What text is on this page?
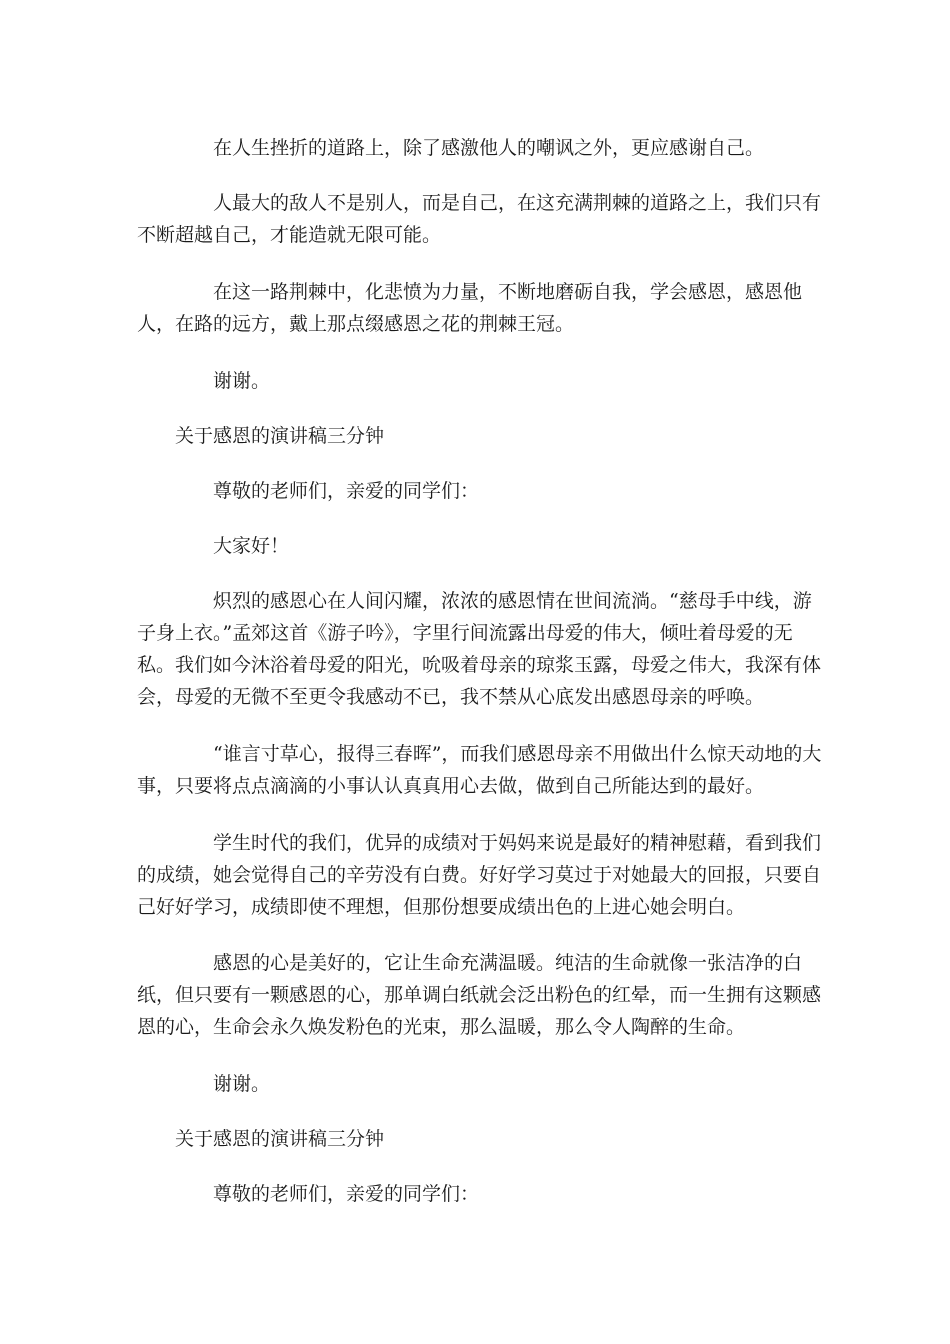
在人生挫折的道路上，除了感激他人的嘲讽之外，更应感谢自己。

人最大的敌人不是别人，而是自己，在这充满荆棘的道路之上，我们只有不断超越自己，才能造就无限可能。

在这一路荆棘中，化悲愤为力量，不断地磨砺自我，学会感恩，感恩他人，在路的远方，戴上那点缀感恩之花的荆棘王冠。

谢谢。

关于感恩的演讲稿三分钟

尊敬的老师们，亲爱的同学们：

大家好！

炽烈的感恩心在人间闪耀，浓浓的感恩情在世间流淌。“慈母手中线，游子身上衣。”孟郊这首《游子吟》，字里行间流露出母爱的伟大，倾吐着母爱的无私。我们如今沐浴着母爱的阳光，吮吸着母亲的琼浆玉露，母爱之伟大，我深有体会，母爱的无微不至更令我感动不已，我不禁从心底发出感恩母亲的呼唤。

“谁言寸草心，报得三春晖”，而我们感恩母亲不用做出什么惊天动地的大事，只要将点点滴滴的小事认认真真用心去做，做到自己所能达到的最好。

学生时代的我们，优异的成绩对于妈妈来说是最好的精神慰藉，看到我们的成绩，她会觉得自己的辛劳没有白费。好好学习莫过于对她最大的回报，只要自己好好学习，成绩即使不理想，但那份想要成绩出色的上进心她会明白。

感恩的心是美好的，它让生命充满温暖。纯洁的生命就像一张洁净的白纸，但只要有一颗感恩的心，那单调白纸就会泛出粉色的红晕，而一生拥有这颗感恩的心，生命会永久焕发粉色的光束，那么温暖，那么令人陶醉的生命。

谢谢。

关于感恩的演讲稿三分钟

尊敬的老师们，亲爱的同学们：
